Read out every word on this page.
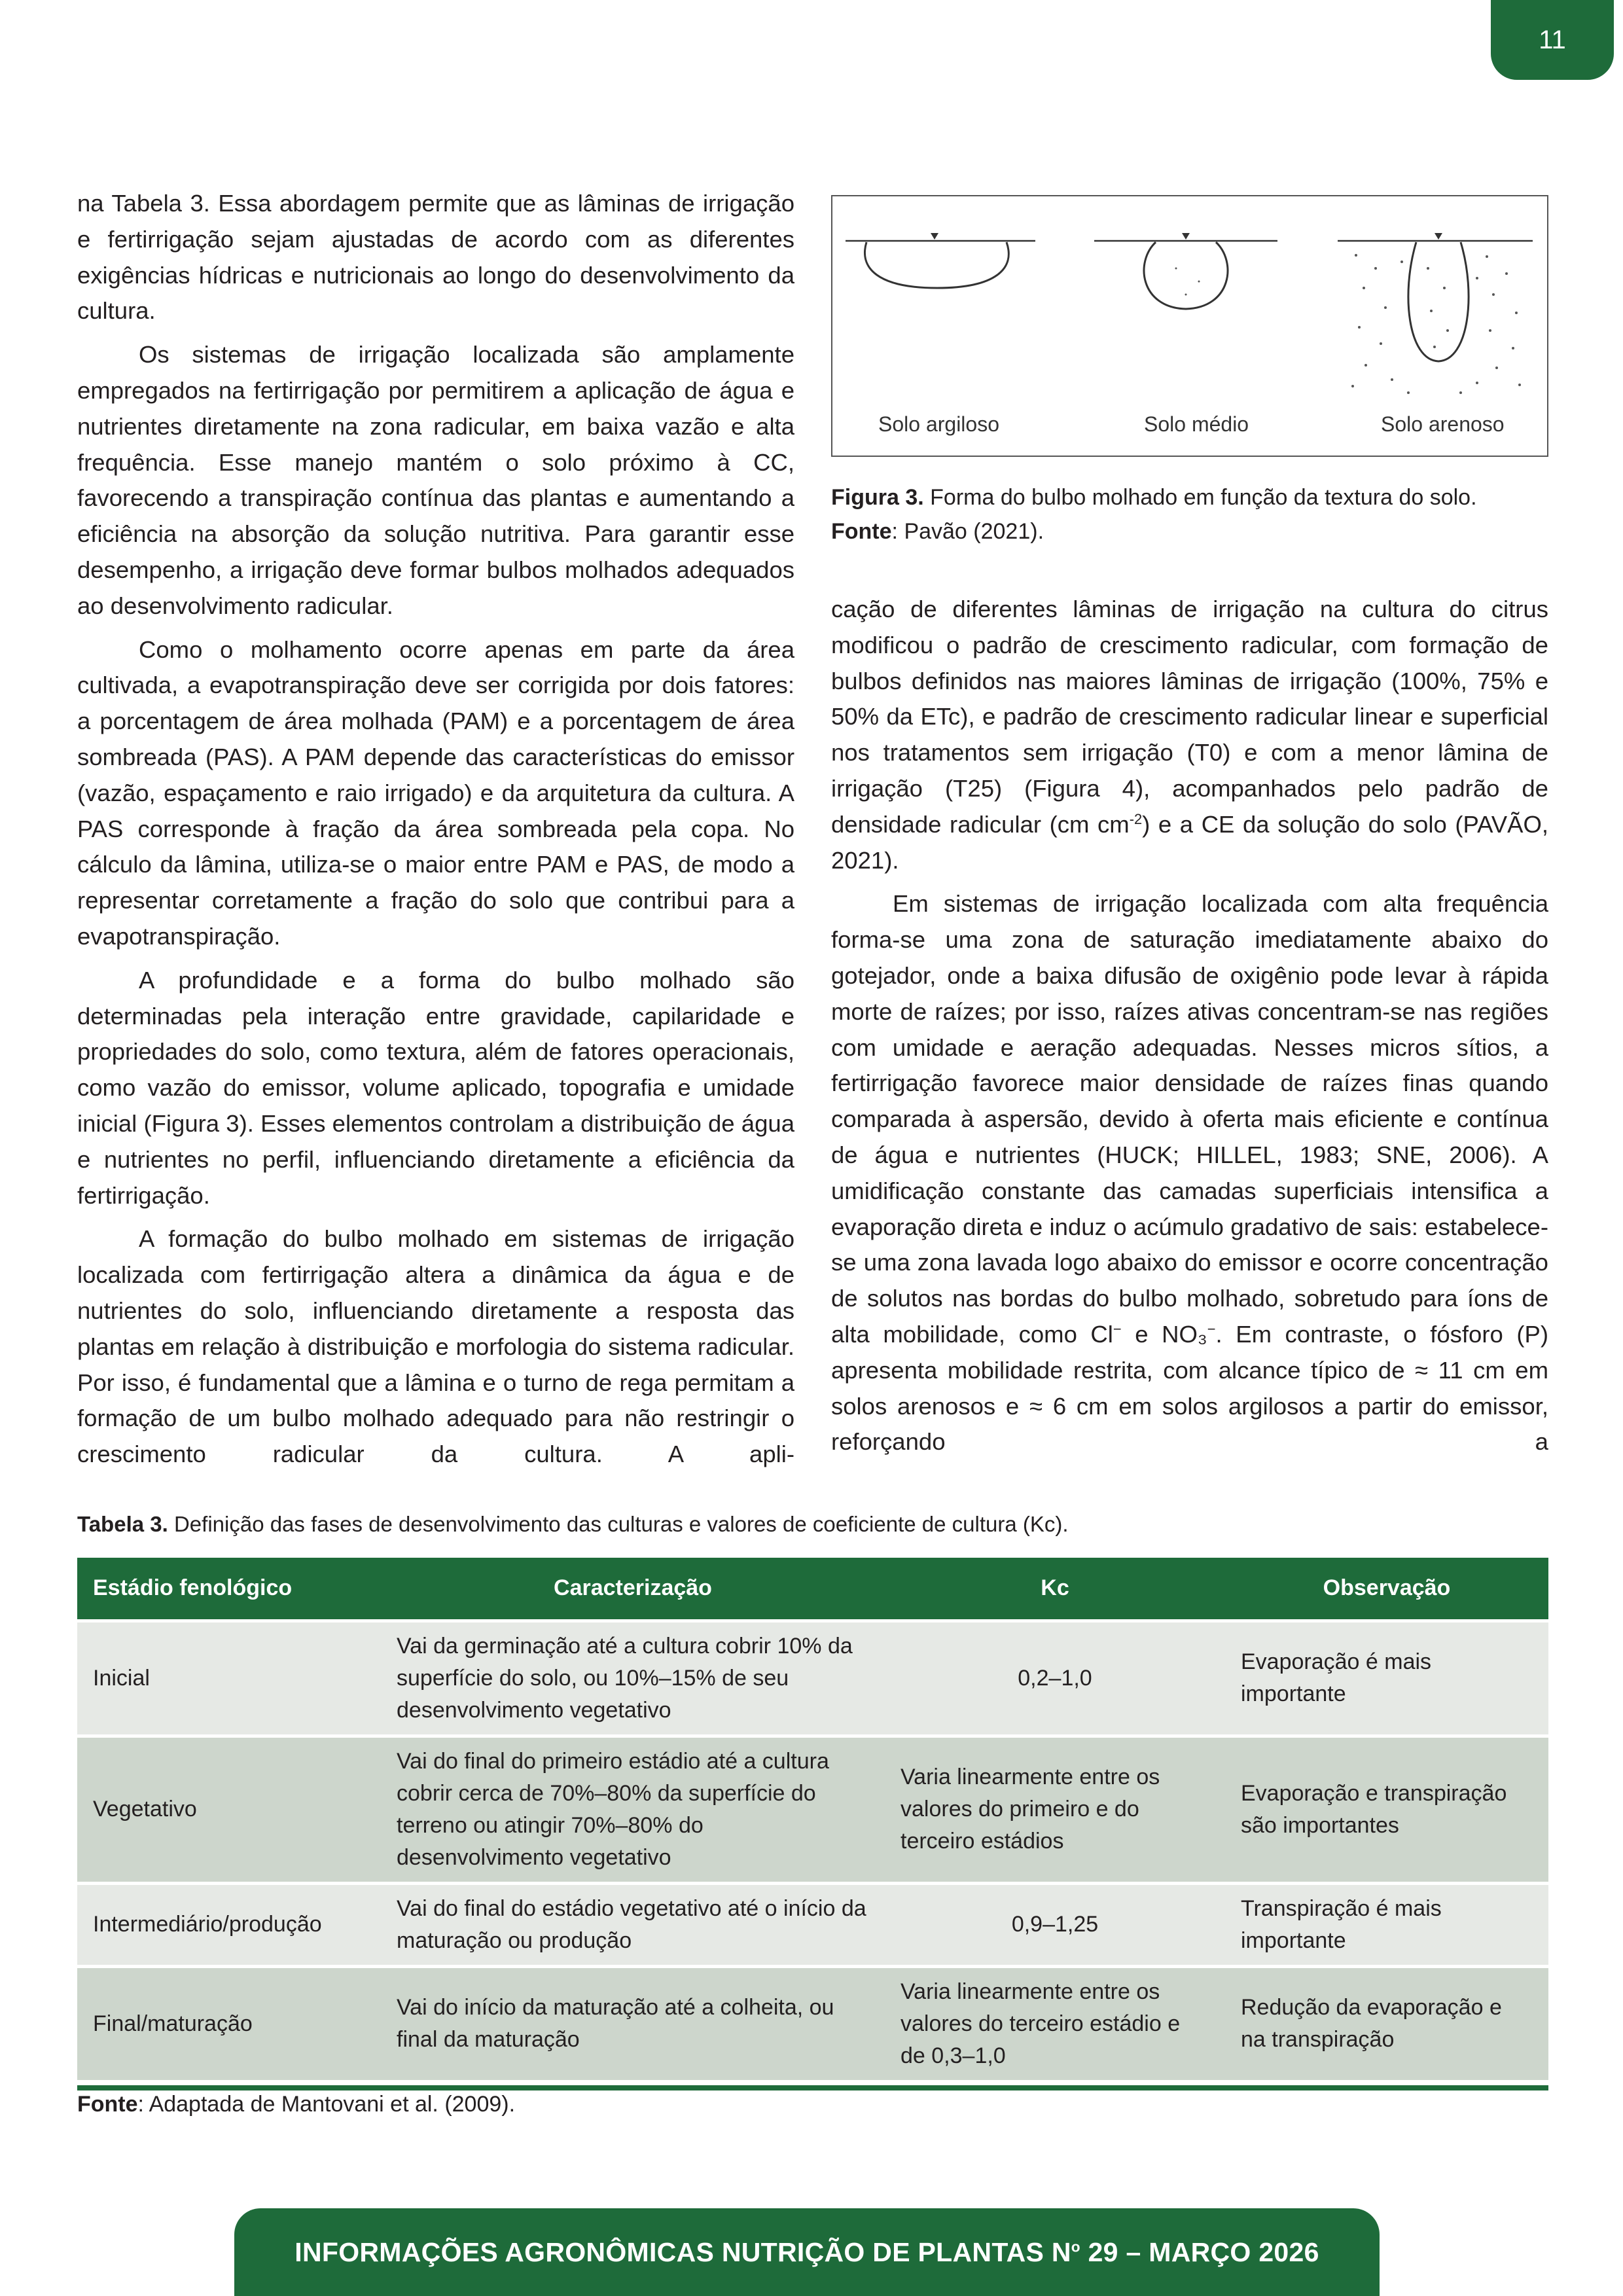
11

na Tabela 3. Essa abordagem permite que as lâminas de irrigação e fertirrigação sejam ajustadas de acordo com as diferentes exigências hídricas e nutricionais ao longo do desenvolvimento da cultura.

Os sistemas de irrigação localizada são amplamente empregados na fertirrigação por permitirem a aplicação de água e nutrientes diretamente na zona radicular, em baixa vazão e alta frequência. Esse manejo mantém o solo próximo à CC, favorecendo a transpiração contínua das plantas e aumentando a eficiência na absorção da solução nutritiva. Para garantir esse desempenho, a irrigação deve formar bulbos molhados adequados ao desenvolvimento radicular.

Como o molhamento ocorre apenas em parte da área cultivada, a evapotranspiração deve ser corrigida por dois fatores: a porcentagem de área molhada (PAM) e a porcentagem de área sombreada (PAS). A PAM depende das características do emissor (vazão, espaçamento e raio irrigado) e da arquitetura da cultura. A PAS corresponde à fração da área sombreada pela copa. No cálculo da lâmina, utiliza-se o maior entre PAM e PAS, de modo a representar corretamente a fração do solo que contribui para a evapotranspiração.

A profundidade e a forma do bulbo molhado são determinadas pela interação entre gravidade, capilaridade e propriedades do solo, como textura, além de fatores operacionais, como vazão do emissor, volume aplicado, topografia e umidade inicial (Figura 3). Esses elementos controlam a distribuição de água e nutrientes no perfil, influenciando diretamente a eficiência da fertirrigação.

A formação do bulbo molhado em sistemas de irrigação localizada com fertirrigação altera a dinâmica da água e de nutrientes do solo, influenciando diretamente a resposta das plantas em relação à distribuição e morfologia do sistema radicular. Por isso, é fundamental que a lâmina e o turno de rega permitam a formação de um bulbo molhado adequado para não restringir o crescimento radicular da cultura. A apli-

Solo argiloso	Solo médio	Solo arenoso
Figura 3. Forma do bulbo molhado em função da textura do solo.
Fonte: Pavão (2021).

cação de diferentes lâminas de irrigação na cultura do citrus modificou o padrão de crescimento radicular, com formação de bulbos definidos nas maiores lâminas de irrigação (100%, 75% e 50% da ETc), e padrão de crescimento radicular linear e superficial nos tratamentos sem irrigação (T0) e com a menor lâmina de irrigação (T25) (Figura 4), acompanhados pelo padrão de densidade radicular (cm $cm^{-2}$) e a CE da solução do solo (PAVÃO, 2021).

Em sistemas de irrigação localizada com alta frequência forma-se uma zona de saturação imediatamente abaixo do gotejador, onde a baixa difusão de oxigênio pode levar à rápida morte de raízes; por isso, raízes ativas concentram-se nas regiões com umidade e aeração adequadas. Nesses micros sítios, a fertirrigação favorece maior densidade de raízes finas quando comparada à aspersão, devido à oferta mais eficiente e contínua de água e nutrientes (HUCK; HILLEL, 1983; SNE, 2006). A umidificação constante das camadas superficiais intensifica a evaporação direta e induz o acúmulo gradativo de sais: estabelece-se uma zona lavada logo abaixo do emissor e ocorre concentração de solutos nas bordas do bulbo molhado, sobretudo para íons de alta mobilidade, como Cl− e NO₃−. Em contraste, o fósforo (P) apresenta mobilidade restrita, com alcance típico de ≈ 11 cm em solos arenosos e ≈ 6 cm em solos argilosos a partir do emissor, reforçando a

Tabela 3. Definição das fases de desenvolvimento das culturas e valores de coeficiente de cultura (Kc).
Estádio fenológico	Caracterização	Kc	Observação
Inicial	Vai da germinação até a cultura cobrir 10% da superfície do solo, ou 10%–15% de seu desenvolvimento vegetativo	0,2–1,0	Evaporação é mais importante
Vegetativo	Vai do final do primeiro estádio até a cultura cobrir cerca de 70%–80% da superfície do terreno ou atingir 70%–80% do desenvolvimento vegetativo	Varia linearmente entre os valores do primeiro e do terceiro estádios	Evaporação e transpiração são importantes
Intermediário/produção	Vai do final do estádio vegetativo até o início da maturação ou produção	0,9–1,25	Transpiração é mais importante
Final/maturação	Vai do início da maturação até a colheita, ou final da maturação	Varia linearmente entre os valores do terceiro estádio e de 0,3–1,0	Redução da evaporação e na transpiração
Fonte: Adaptada de Mantovani et al. (2009).
INFORMAÇÕES AGRONÔMICAS NUTRIÇÃO DE PLANTAS $N^o$ 29 – MARÇO 2026
